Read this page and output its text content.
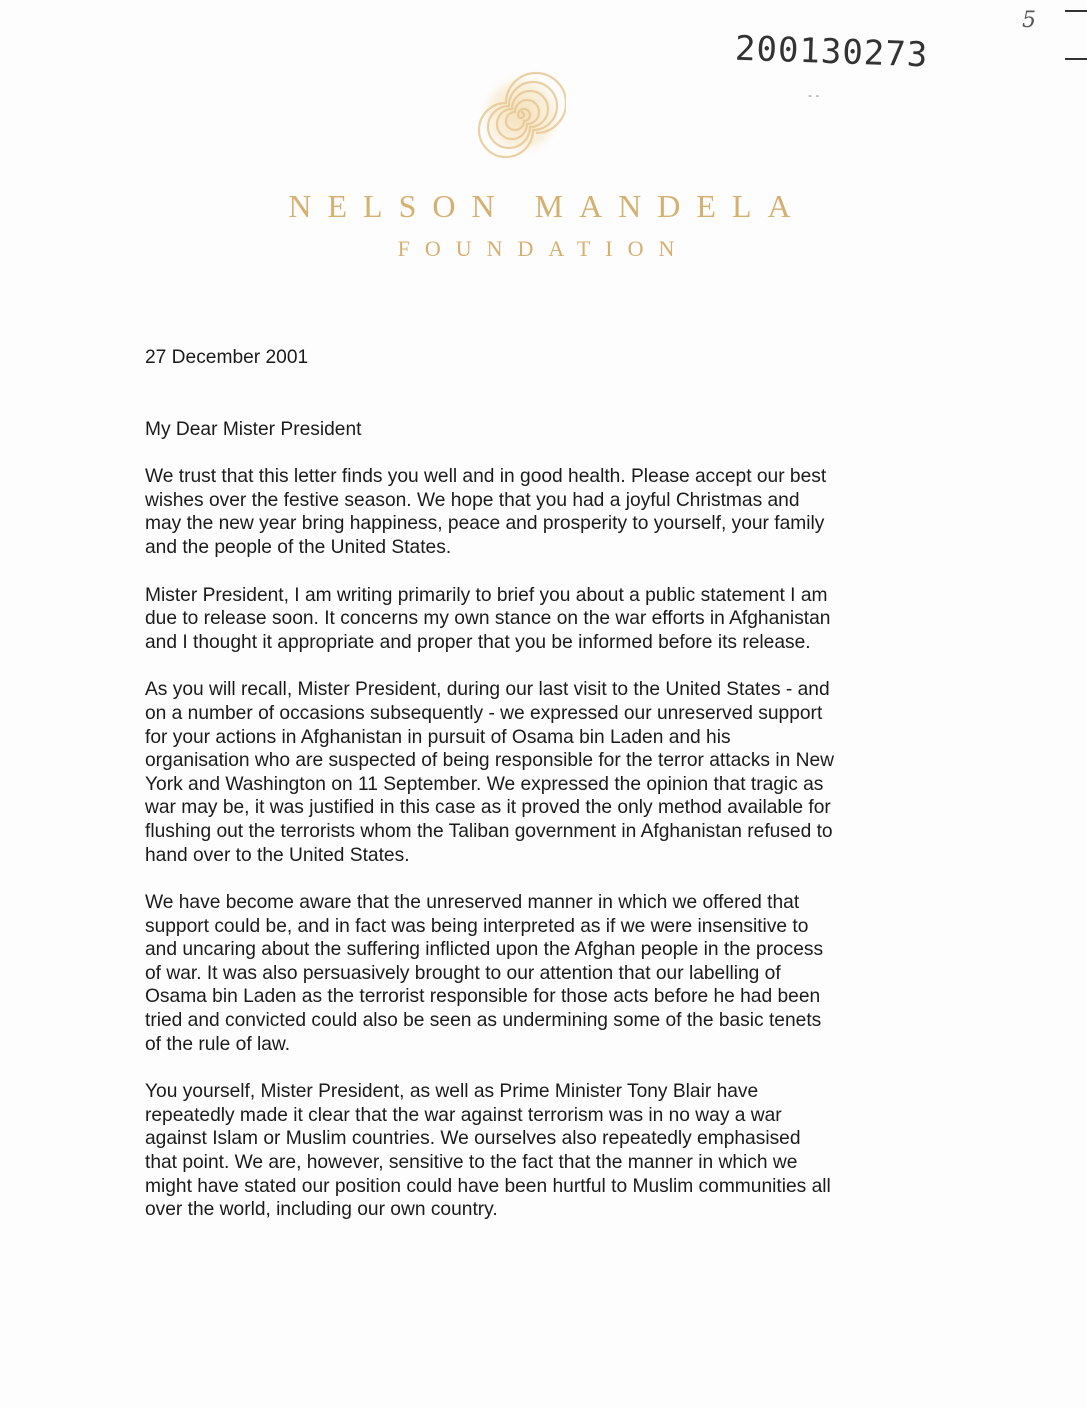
5
200130273
- -
NELSON MANDELA
FOUNDATION

27 December 2001

My Dear Mister President

We trust that this letter finds you well and in good health. Please accept our best
wishes over the festive season. We hope that you had a joyful Christmas and
may the new year bring happiness, peace and prosperity to yourself, your family
and the people of the United States.

Mister President, I am writing primarily to brief you about a public statement I am
due to release soon. It concerns my own stance on the war efforts in Afghanistan
and I thought it appropriate and proper that you be informed before its release.

As you will recall, Mister President, during our last visit to the United States - and
on a number of occasions subsequently - we expressed our unreserved support
for your actions in Afghanistan in pursuit of Osama bin Laden and his
organisation who are suspected of being responsible for the terror attacks in New
York and Washington on 11 September. We expressed the opinion that tragic as
war may be, it was justified in this case as it proved the only method available for
flushing out the terrorists whom the Taliban government in Afghanistan refused to
hand over to the United States.

We have become aware that the unreserved manner in which we offered that
support could be, and in fact was being interpreted as if we were insensitive to
and uncaring about the suffering inflicted upon the Afghan people in the process
of war. It was also persuasively brought to our attention that our labelling of
Osama bin Laden as the terrorist responsible for those acts before he had been
tried and convicted could also be seen as undermining some of the basic tenets
of the rule of law.

You yourself, Mister President, as well as Prime Minister Tony Blair have
repeatedly made it clear that the war against terrorism was in no way a war
against Islam or Muslim countries. We ourselves also repeatedly emphasised
that point. We are, however, sensitive to the fact that the manner in which we
might have stated our position could have been hurtful to Muslim communities all
over the world, including our own country.
